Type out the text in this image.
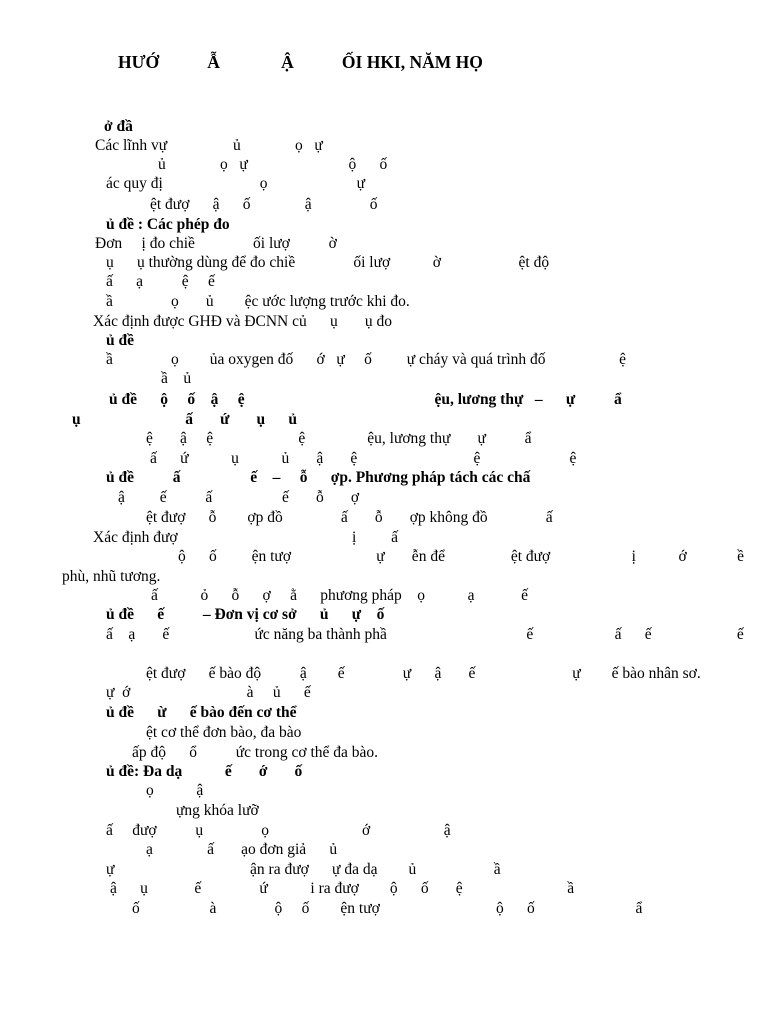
HƯỚ           Ẫ              Ậ           ỐI HKI, NĂM HỌ
ở đầ
Các lĩnh vự                 ủ              ọ   ự
ủ              ọ   ự                          ộ      ố
ác quy đị                         ọ                       ự
ệt đượ      ậ      ố              ậ               ố
ủ đề : Các phép đo
Đơn     ị đo chiề               ối lượ          ờ
ụ      ụ thường dùng để đo chiề               ối lượ           ờ                    ệt độ
ấ      ạ          ệ     ế
ầ               ọ       ủ        ệc ước lượng trước khi đo.
Xác định được GHĐ và ĐCNN củ      ụ       ụ đo
ủ đề
ầ               ọ        ủa oxygen đố      ớ   ự     ố         ự cháy và quá trình đố                   ệ
ầ    ủ
ủ đề      ộ     ố    ậ     ệ                                                 ệu, lương thự   –      ự          ẩ
ụ                           ấ       ứ       ụ      ủ
ệ       ậ     ệ                      ệ                ệu, lương thự       ự          ẩ
ấ      ứ           ụ           ủ       ậ       ệ                              ệ                       ệ
ủ đề          ấ                  ế    –     ỗ      ợp. Phương pháp tách các chấ
ậ         ế          ấ                  ế       ỗ       ợ
ệt đượ      ỗ        ợp đồ               ấ       ỗ       ợp không đồ               ấ
Xác định đượ                                             ị         ấ
ộ      ố         ện tượ                      ự       ễn để                 ệt đượ                     ị           ớ             ề
phù, nhũ tương.
ấ           ỏ      ỗ      ợ     ằ      phương pháp    ọ           ạ            ế
ủ đề      ế          – Đơn vị cơ sở      ủ      ự    ố
ấ    ạ       ế                      ức năng ba thành phầ                                    ế                     ấ      ế                      ế
ệt đượ      ế bào độ          ậ        ế               ự      ậ       ế                         ự        ế bào nhân sơ.
ự  ớ                              à     ủ      ế
ủ đề      ừ      ế bào đến cơ thể
ệt cơ thể đơn bào, đa bào
ấp độ      ổ          ức trong cơ thể đa bào.
ủ đề: Đa dạ           ế       ớ       ố
ọ           ậ
ựng khóa lưỡ
ấ     đượ          ụ               ọ                        ớ                   ậ
ạ              ấ       ạo đơn giả      ủ
ự                                   ận ra đượ      ự đa dạ        ủ                    ầ
ậ      ụ            ế               ứ           i ra đượ        ộ      ố       ệ                           ầ
ố                  à               ộ     ố        ện tượ                              ộ      ố                          ẩ
